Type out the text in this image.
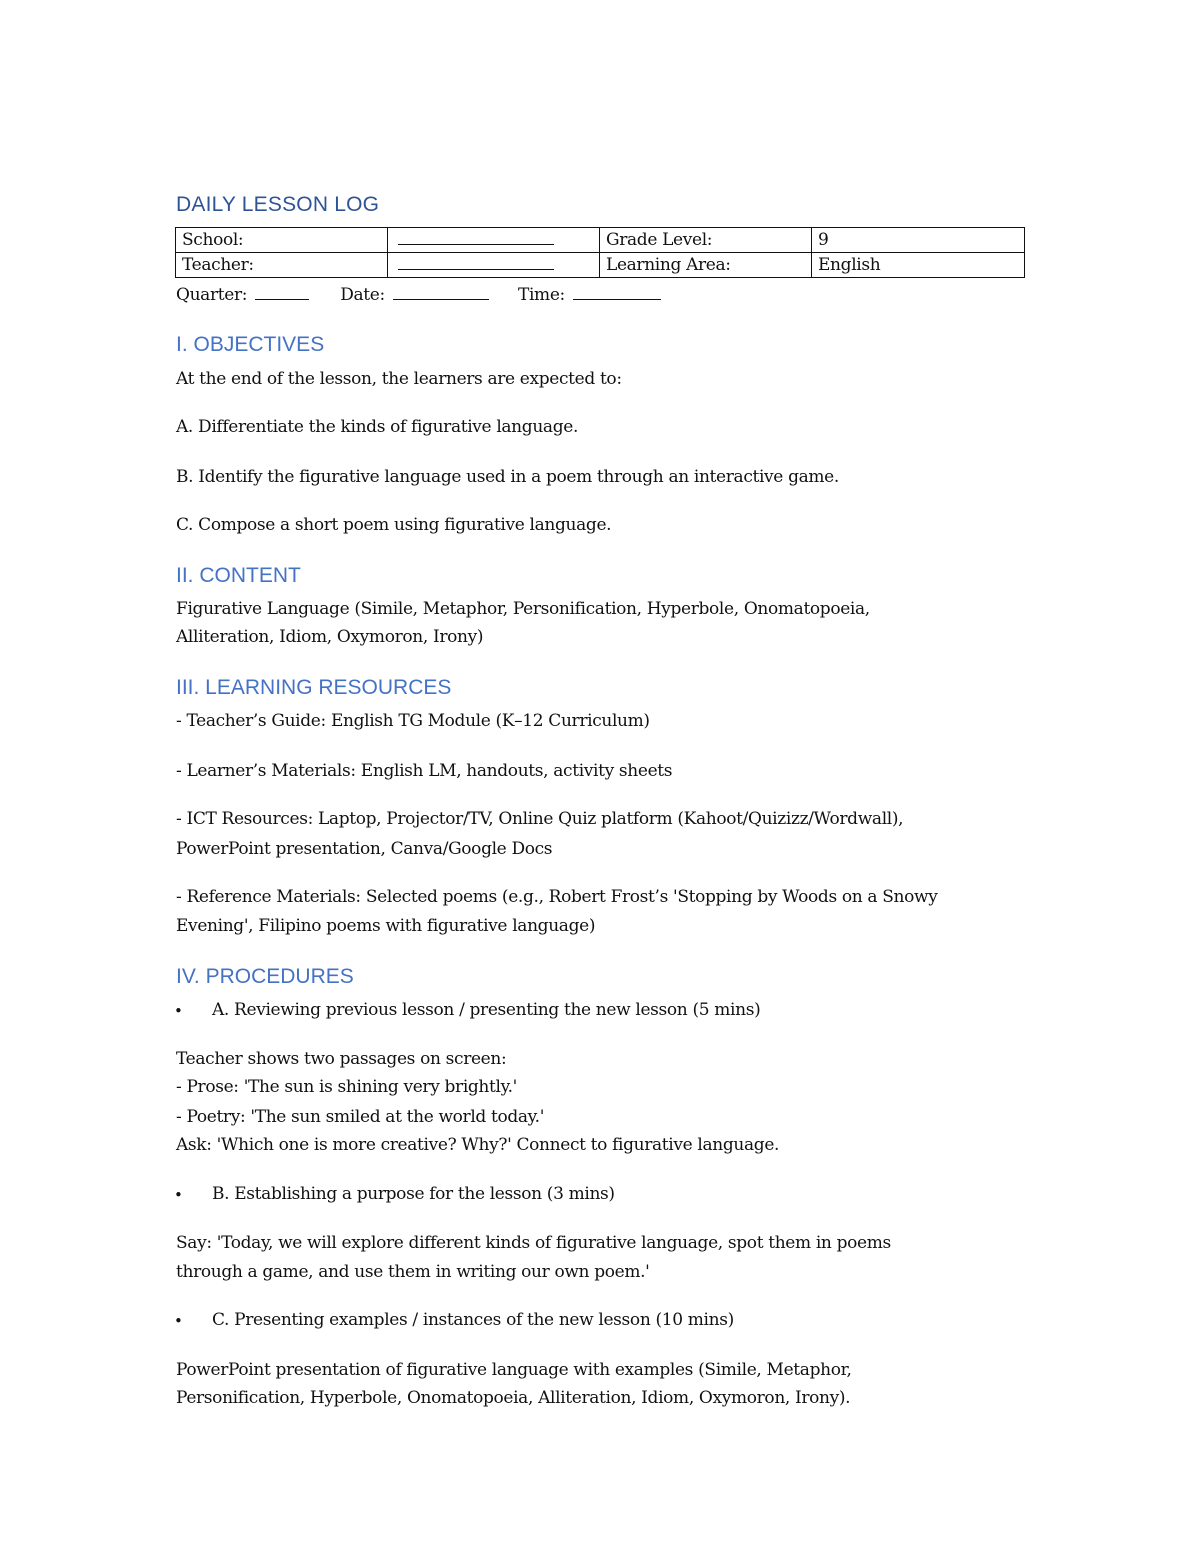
DAILY LESSON LOG
School:		Grade Level:	9
Teacher:		Learning Area:	English
Quarter:	Date:	Time:
I. OBJECTIVES
At the end of the lesson, the learners are expected to:
A. Differentiate the kinds of figurative language.
B. Identify the figurative language used in a poem through an interactive game.
C. Compose a short poem using figurative language.
II. CONTENT
Figurative Language (Simile, Metaphor, Personification, Hyperbole, Onomatopoeia,
Alliteration, Idiom, Oxymoron, Irony)
III. LEARNING RESOURCES
- Teacher’s Guide: English TG Module (K–12 Curriculum)
- Learner’s Materials: English LM, handouts, activity sheets
- ICT Resources: Laptop, Projector/TV, Online Quiz platform (Kahoot/Quizizz/Wordwall),
PowerPoint presentation, Canva/Google Docs
- Reference Materials: Selected poems (e.g., Robert Frost’s 'Stopping by Woods on a Snowy
Evening', Filipino poems with figurative language)
IV. PROCEDURES
• A. Reviewing previous lesson / presenting the new lesson (5 mins)
Teacher shows two passages on screen:
- Prose: 'The sun is shining very brightly.'
- Poetry: 'The sun smiled at the world today.'
Ask: 'Which one is more creative? Why?' Connect to figurative language.
• B. Establishing a purpose for the lesson (3 mins)
Say: 'Today, we will explore different kinds of figurative language, spot them in poems
through a game, and use them in writing our own poem.'
• C. Presenting examples / instances of the new lesson (10 mins)
PowerPoint presentation of figurative language with examples (Simile, Metaphor,
Personification, Hyperbole, Onomatopoeia, Alliteration, Idiom, Oxymoron, Irony).
